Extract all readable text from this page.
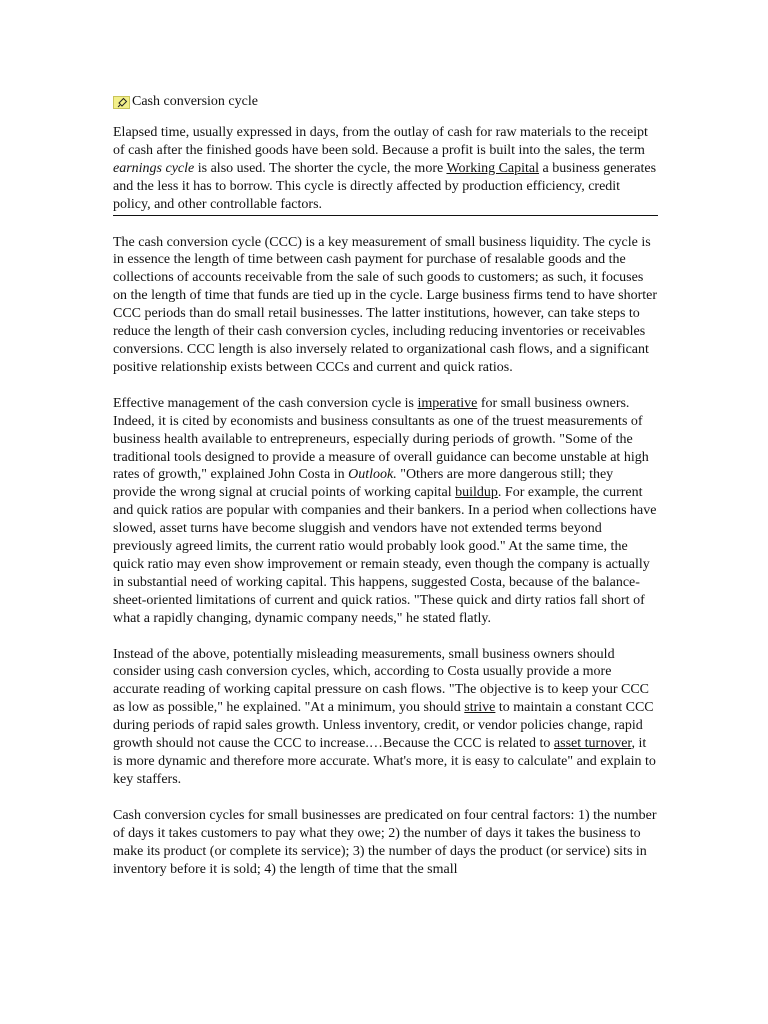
Cash conversion cycle

Elapsed time, usually expressed in days, from the outlay of cash for raw materials to the receipt of cash after the finished goods have been sold. Because a profit is built into the sales, the term earnings cycle is also used. The shorter the cycle, the more Working Capital a business generates and the less it has to borrow. This cycle is directly affected by production efficiency, credit policy, and other controllable factors.

The cash conversion cycle (CCC) is a key measurement of small business liquidity. The cycle is in essence the length of time between cash payment for purchase of resalable goods and the collections of accounts receivable from the sale of such goods to customers; as such, it focuses on the length of time that funds are tied up in the cycle. Large business firms tend to have shorter CCC periods than do small retail businesses. The latter institutions, however, can take steps to reduce the length of their cash conversion cycles, including reducing inventories or receivables conversions. CCC length is also inversely related to organizational cash flows, and a significant positive relationship exists between CCCs and current and quick ratios.

Effective management of the cash conversion cycle is imperative for small business owners. Indeed, it is cited by economists and business consultants as one of the truest measurements of business health available to entrepreneurs, especially during periods of growth. "Some of the traditional tools designed to provide a measure of overall guidance can become unstable at high rates of growth," explained John Costa in Outlook. "Others are more dangerous still; they provide the wrong signal at crucial points of working capital buildup. For example, the current and quick ratios are popular with companies and their bankers. In a period when collections have slowed, asset turns have become sluggish and vendors have not extended terms beyond previously agreed limits, the current ratio would probably look good." At the same time, the quick ratio may even show improvement or remain steady, even though the company is actually in substantial need of working capital. This happens, suggested Costa, because of the balance-sheet-oriented limitations of current and quick ratios. "These quick and dirty ratios fall short of what a rapidly changing, dynamic company needs," he stated flatly.

Instead of the above, potentially misleading measurements, small business owners should consider using cash conversion cycles, which, according to Costa usually provide a more accurate reading of working capital pressure on cash flows. "The objective is to keep your CCC as low as possible," he explained. "At a minimum, you should strive to maintain a constant CCC during periods of rapid sales growth. Unless inventory, credit, or vendor policies change, rapid growth should not cause the CCC to increase.…Because the CCC is related to asset turnover, it is more dynamic and therefore more accurate. What's more, it is easy to calculate" and explain to key staffers.

Cash conversion cycles for small businesses are predicated on four central factors: 1) the number of days it takes customers to pay what they owe; 2) the number of days it takes the business to make its product (or complete its service); 3) the number of days the product (or service) sits in inventory before it is sold; 4) the length of time that the small
